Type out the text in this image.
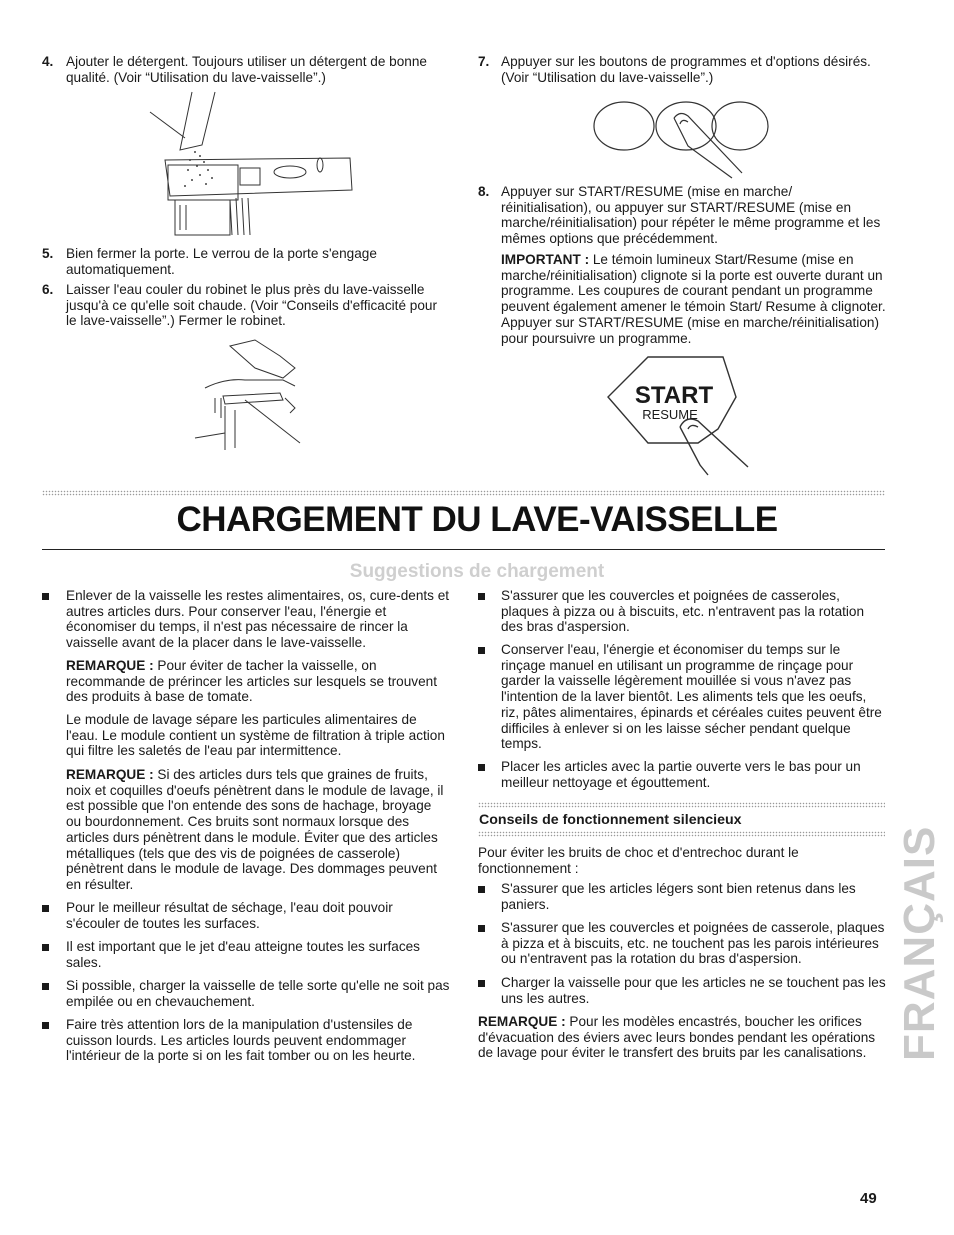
4. Ajouter le détergent. Toujours utiliser un détergent de bonne qualité. (Voir “Utilisation du lave-vaisselle”.)
5. Bien fermer la porte. Le verrou de la porte s'engage automatiquement.
6. Laisser l'eau couler du robinet le plus près du lave-vaisselle jusqu'à ce qu'elle soit chaude. (Voir “Conseils d'efficacité pour le lave-vaisselle”.) Fermer le robinet.
7. Appuyer sur les boutons de programmes et d'options désirés. (Voir “Utilisation du lave-vaisselle”.)
8. Appuyer sur START/RESUME (mise en marche/ réinitialisation), ou appuyer sur START/RESUME (mise en marche/réinitialisation) pour répéter le même programme et les mêmes options que précédemment.
IMPORTANT : Le témoin lumineux Start/Resume (mise en marche/réinitialisation) clignote si la porte est ouverte durant un programme. Les coupures de courant pendant un programme peuvent également amener le témoin Start/ Resume à clignoter. Appuyer sur START/RESUME (mise en marche/réinitialisation) pour poursuivre un programme.
START
RESUME
CHARGEMENT DU LAVE-VAISSELLE
Suggestions de chargement
Enlever de la vaisselle les restes alimentaires, os, cure-dents et autres articles durs. Pour conserver l'eau, l'énergie et économiser du temps, il n'est pas nécessaire de rincer la vaisselle avant de la placer dans le lave-vaisselle.
REMARQUE : Pour éviter de tacher la vaisselle, on recommande de prérincer les articles sur lesquels se trouvent des produits à base de tomate.
Le module de lavage sépare les particules alimentaires de l'eau. Le module contient un système de filtration à triple action qui filtre les saletés de l'eau par intermittence.
REMARQUE : Si des articles durs tels que graines de fruits, noix et coquilles d'oeufs pénètrent dans le module de lavage, il est possible que l'on entende des sons de hachage, broyage ou bourdonnement. Ces bruits sont normaux lorsque des articles durs pénètrent dans le module. Éviter que des articles métalliques (tels que des vis de poignées de casserole) pénètrent dans le module de lavage. Des dommages peuvent en résulter.
Pour le meilleur résultat de séchage, l'eau doit pouvoir s'écouler de toutes les surfaces.
Il est important que le jet d'eau atteigne toutes les surfaces sales.
Si possible, charger la vaisselle de telle sorte qu'elle ne soit pas empilée ou en chevauchement.
Faire très attention lors de la manipulation d'ustensiles de cuisson lourds. Les articles lourds peuvent endommager l'intérieur de la porte si on les fait tomber ou on les heurte.
S'assurer que les couvercles et poignées de casseroles, plaques à pizza ou à biscuits, etc. n'entravent pas la rotation des bras d'aspersion.
Conserver l'eau, l'énergie et économiser du temps sur le rinçage manuel en utilisant un programme de rinçage pour garder la vaisselle légèrement mouillée si vous n'avez pas l'intention de la laver bientôt. Les aliments tels que les oeufs, riz, pâtes alimentaires, épinards et céréales cuites peuvent être difficiles à enlever si on les laisse sécher pendant quelque temps.
Placer les articles avec la partie ouverte vers le bas pour un meilleur nettoyage et égouttement.
Conseils de fonctionnement silencieux
Pour éviter les bruits de choc et d'entrechoc durant le fonctionnement :
S'assurer que les articles légers sont bien retenus dans les paniers.
S'assurer que les couvercles et poignées de casserole, plaques à pizza et à biscuits, etc. ne touchent pas les parois intérieures ou n'entravent pas la rotation du bras d'aspersion.
Charger la vaisselle pour que les articles ne se touchent pas les uns les autres.
REMARQUE : Pour les modèles encastrés, boucher les orifices d'évacuation des éviers avec leurs bondes pendant les opérations de lavage pour éviter le transfert des bruits par les canalisations. FRANÇAIS
49
